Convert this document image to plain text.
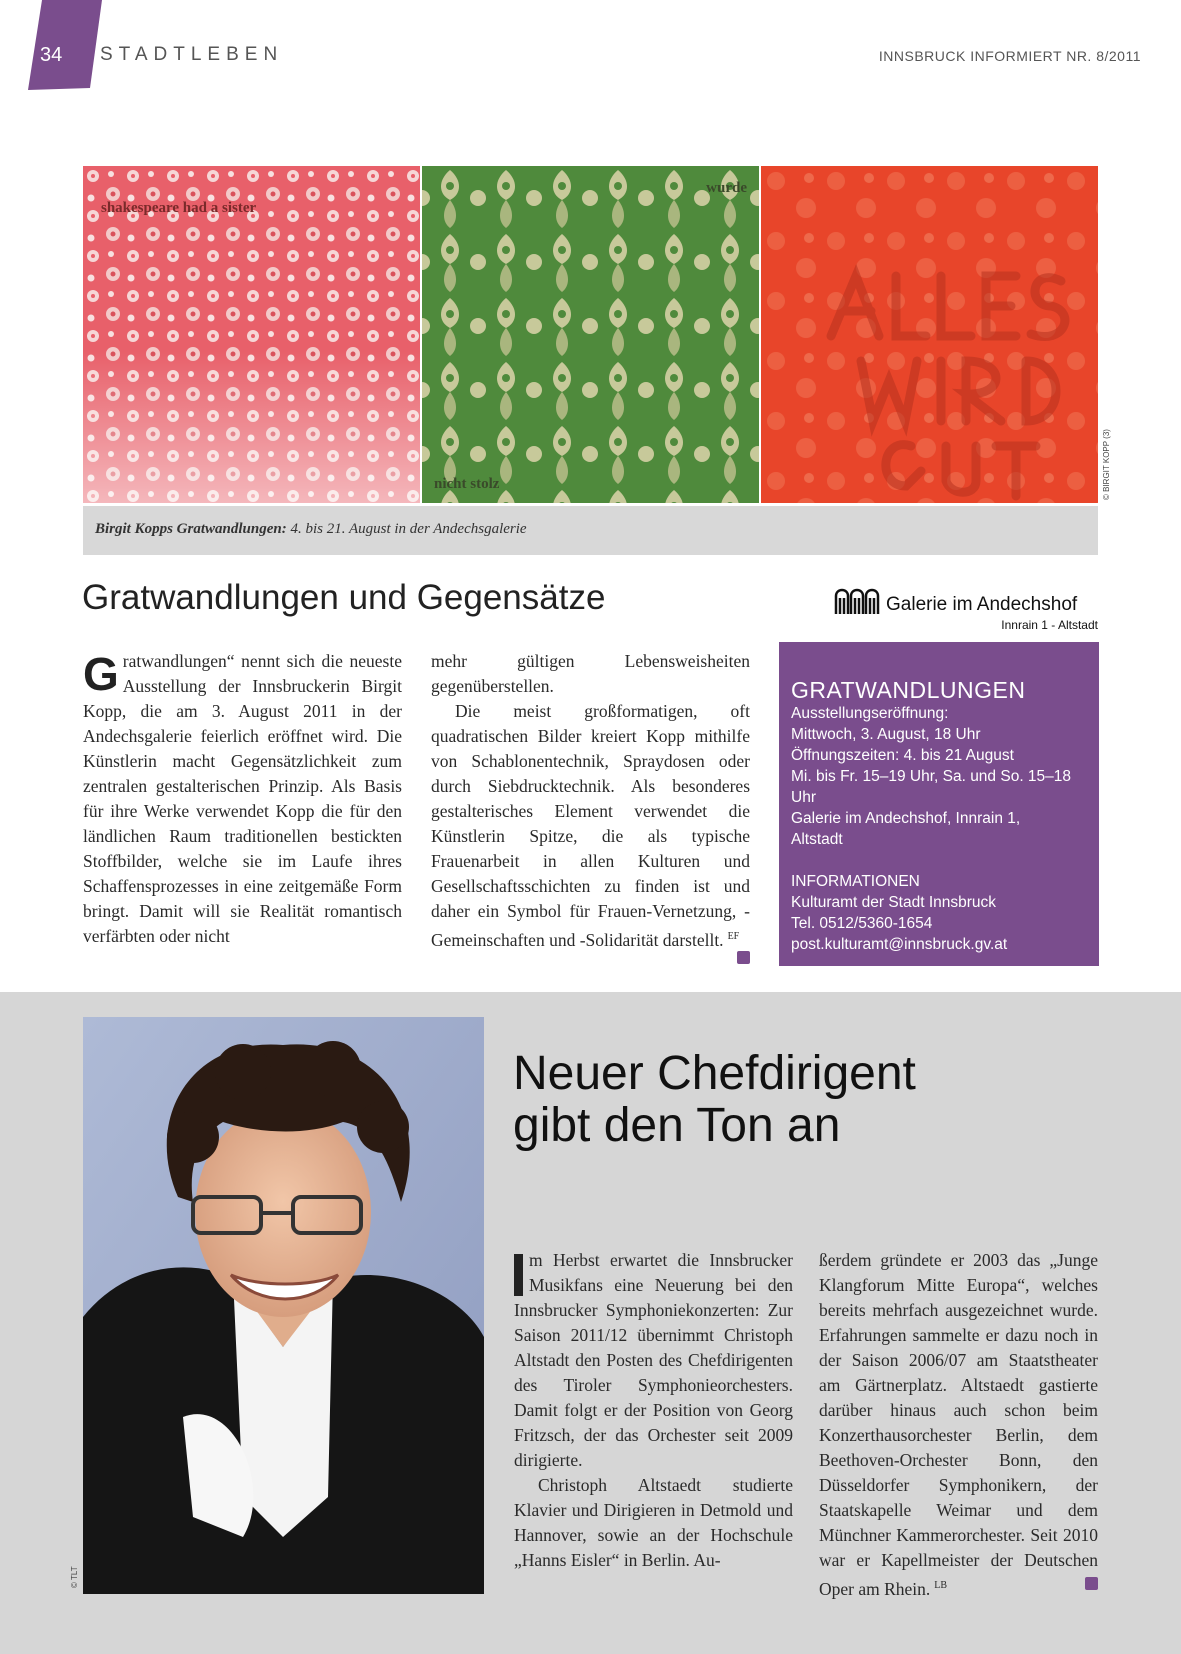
34 STADTLEBEN	INNSBRUCK INFORMIERT NR. 8/2011
shakespeare had a sister
wurde
nicht stolz	© BIRGIT KOPP (3)
Birgit Kopps Gratwandlungen: 4. bis 21. August in der Andechsgalerie
Gratwandlungen und Gegensätze	Galerie im Andechshof
Innrain 1 - Altstadt
Gratwandlungen“ nennt sich die neueste Ausstellung der Innsbruckerin Birgit Kopp, die am 3. August 2011 in der Andechsgalerie feierlich eröffnet wird. Die Künstlerin macht Gegensätzlichkeit zum zentralen gestalterischen Prinzip. Als Basis für ihre Werke verwendet Kopp die für den ländlichen Raum traditionellen bestickten Stoffbilder, welche sie im Laufe ihres Schaffensprozesses in eine zeitgemäße Form bringt. Damit will sie Realität romantisch verfärbten oder nicht

mehr gültigen Lebensweisheiten gegenüberstellen.

Die meist großformatigen, oft quadratischen Bilder kreiert Kopp mithilfe von Schablonentechnik, Spraydosen oder durch Siebdrucktechnik. Als besonderes gestalterisches Element verwendet die Künstlerin Spitze, die als typische Frauenarbeit in allen Kulturen und Gesellschaftsschichten zu finden ist und daher ein Symbol für Frauen-Vernetzung, -Gemeinschaften und -Solidarität darstellt. $^{EF}$

GRATWANDLUNGEN
Ausstellungseröffnung:
Mittwoch, 3. August, 18 Uhr
Öffnungszeiten: 4. bis 21 August
Mi. bis Fr. 15–19 Uhr, Sa. und So. 15–18 Uhr
Galerie im Andechshof, Innrain 1,
Altstadt
INFORMATIONEN
Kulturamt der Stadt Innsbruck
Tel. 0512/5360-1654
post.kulturamt@innsbruck.gv.at
© TLT
Neuer Chefdirigent
gibt den Ton an

m Herbst erwartet die Innsbrucker Musikfans eine Neuerung bei den Innsbrucker Symphoniekonzerten: Zur Saison 2011/12 übernimmt Christoph Altstadt den Posten des Chefdirigenten des Tiroler Symphonieorchesters. Damit folgt er der Position von Georg Fritzsch, der das Orchester seit 2009 dirigierte.

Christoph Altstaedt studierte Klavier und Dirigieren in Detmold und Hannover, sowie an der Hochschule „Hanns Eisler“ in Berlin. Au-

ßerdem gründete er 2003 das „Junge Klangforum Mitte Europa“, welches bereits mehrfach ausgezeichnet wurde. Erfahrungen sammelte er dazu noch in der Saison 2006/07 am Staatstheater am Gärtnerplatz. Altstaedt gastierte darüber hinaus auch schon beim Konzerthausorchester Berlin, dem Beethoven-Orchester Bonn, den Düsseldorfer Symphonikern, der Staatskapelle Weimar und dem Münchner Kammerorchester. Seit 2010 war er Kapellmeister der Deutschen Oper am Rhein. $^{LB}$
